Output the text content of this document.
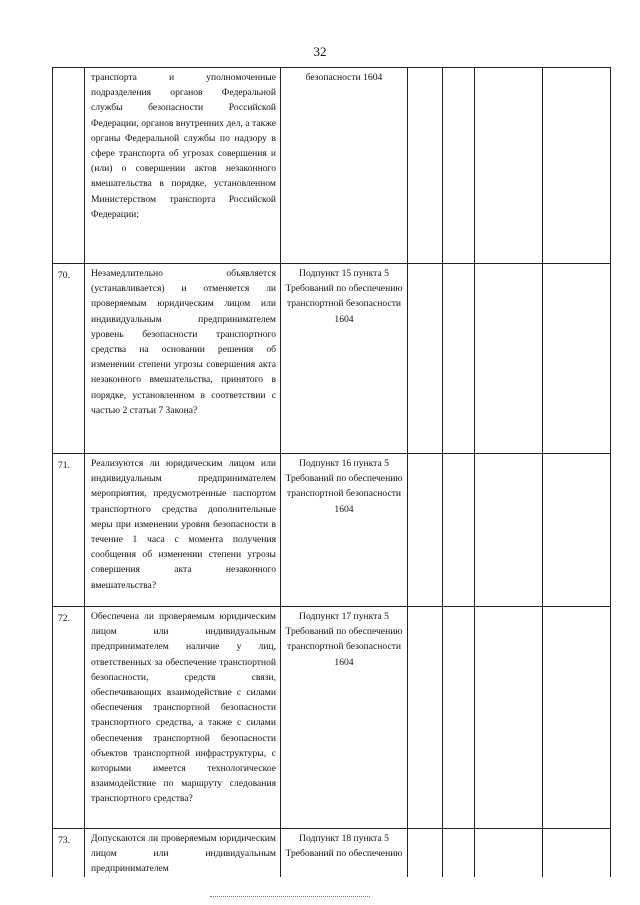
32
	транспорта и уполномоченные подразделения органов Федеральной службы безопасности Российской Федерации, органов внутренних дел, а также органы Федеральной службы по надзору в сфере транспорта об угрозах совершения и (или) о совершении актов незаконного вмешательства в порядке, установленном Министерством транспорта Российской Федерации;	безопасности 1604				
70.	Незамедлительно объявляется (устанавливается) и отменяется ли проверяемым юридическим лицом или индивидуальным предпринимателем уровень безопасности транспортного средства на основании решения об изменении степени угрозы совершения акта незаконного вмешательства, принятого в порядке, установленном в соответствии с частью 2 статьи 7 Закона?	Подпункт 15 пункта 5 Требований по обеспечению транспортной безопасности 1604				
71.	Реализуются ли юридическим лицом или индивидуальным предпринимателем мероприятия, предусмотренные паспортом транспортного средства дополнительные меры при изменении уровня безопасности в течение 1 часа с момента получения сообщения об изменении степени угрозы совершения акта незаконного вмешательства?	Подпункт 16 пункта 5 Требований по обеспечению транспортной безопасности 1604				
72.	Обеспечена ли проверяемым юридическим лицом или индивидуальным предпринимателем наличие у лиц, ответственных за обеспечение транспортной безопасности, средств связи, обеспечивающих взаимодействие с силами обеспечения транспортной безопасности транспортного средства, а также с силами обеспечения транспортной безопасности объектов транспортной инфраструктуры, с которыми имеется технологическое взаимодействие по маршруту следования транспортного средства?	Подпункт 17 пункта 5 Требований по обеспечению транспортной безопасности 1604				
73.	Допускаются ли проверяемым юридическим лицом или индивидуальным предпринимателем	Подпункт 18 пункта 5 Требований по обеспечению				
